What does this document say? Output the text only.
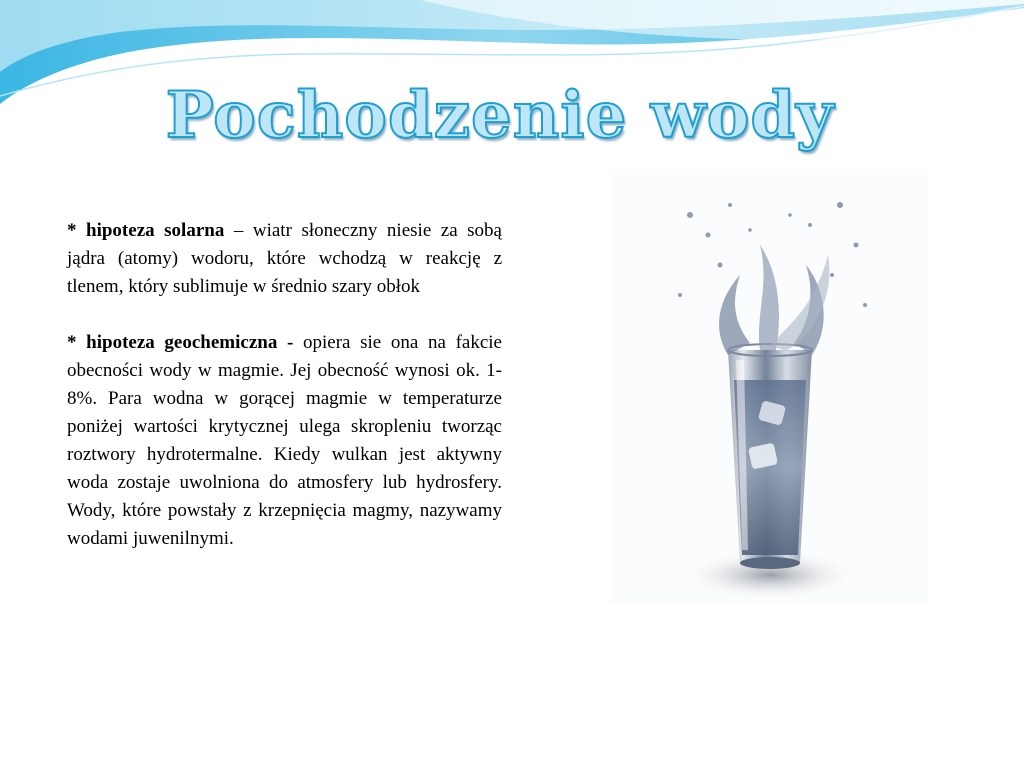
Pochodzenie wody

* hipoteza solarna – wiatr słoneczny niesie za sobą jądra (atomy) wodoru, które wchodzą w reakcję z tlenem, który sublimuje w średnio szary obłok

* hipoteza geochemiczna - opiera sie ona na fakcie obecności wody w magmie. Jej obecność wynosi ok. 1-8%. Para wodna w gorącej magmie w temperaturze poniżej wartości krytycznej ulega skropleniu tworząc roztwory hydrotermalne. Kiedy wulkan jest aktywny woda zostaje uwolniona do atmosfery lub hydrosfery. Wody, które powstały z krzepnięcia magmy, nazywamy wodami juwenilnymi.
